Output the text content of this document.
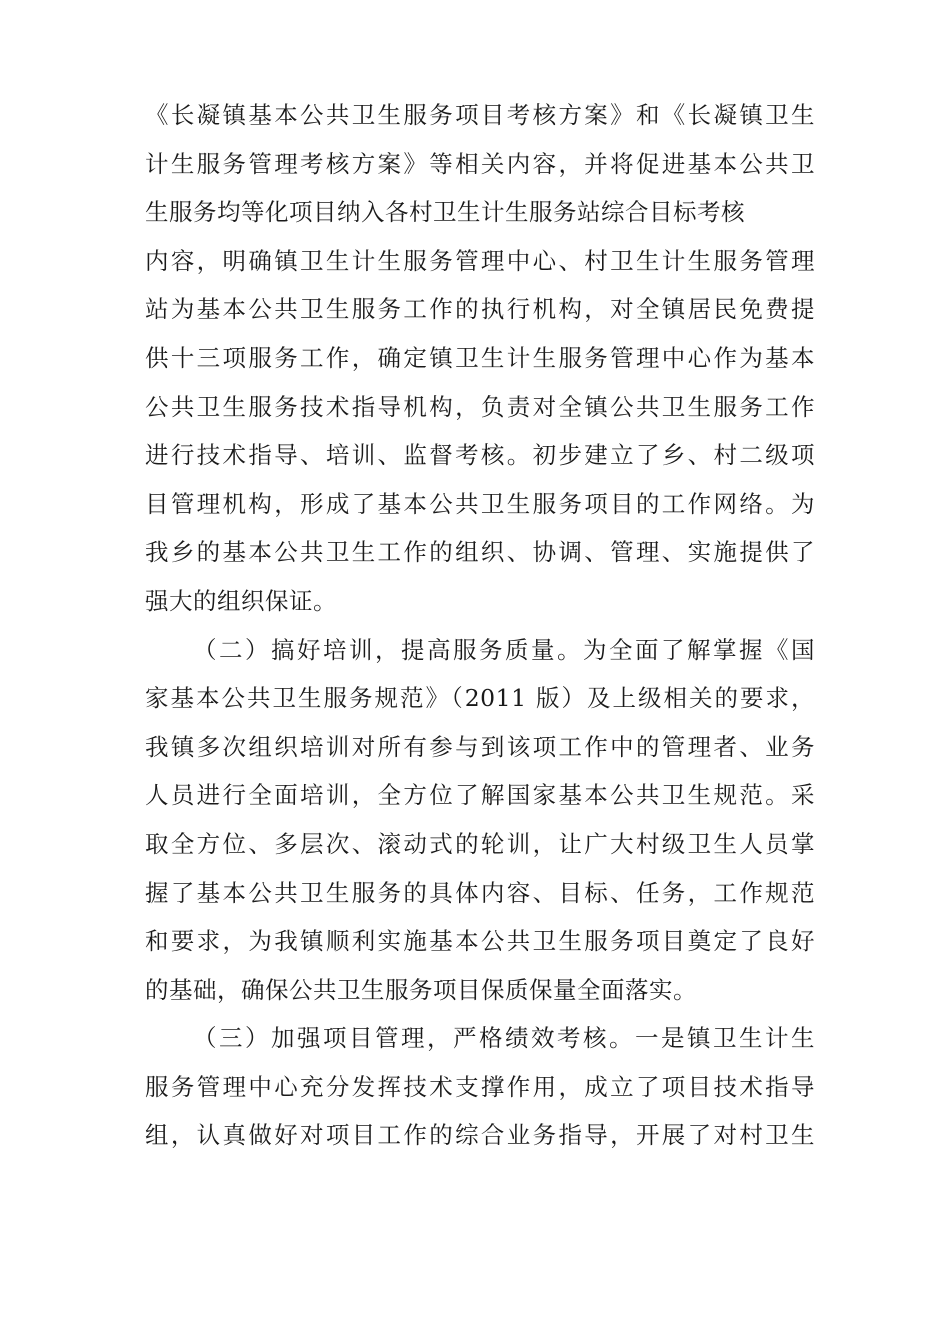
《长凝镇基本公共卫生服务项目考核方案》和《长凝镇卫生
计生服务管理考核方案》等相关内容，并将促进基本公共卫
生服务均等化项目纳入各村卫生计生服务站综合目标考核
内容，明确镇卫生计生服务管理中心、村卫生计生服务管理
站为基本公共卫生服务工作的执行机构，对全镇居民免费提
供十三项服务工作，确定镇卫生计生服务管理中心作为基本
公共卫生服务技术指导机构，负责对全镇公共卫生服务工作
进行技术指导、培训、监督考核。初步建立了乡、村二级项
目管理机构，形成了基本公共卫生服务项目的工作网络。为
我乡的基本公共卫生工作的组织、协调、管理、实施提供了
强大的组织保证。
（二）搞好培训，提高服务质量。为全面了解掌握《国
家基本公共卫生服务规范》（2011 版）及上级相关的要求，
我镇多次组织培训对所有参与到该项工作中的管理者、业务
人员进行全面培训，全方位了解国家基本公共卫生规范。采
取全方位、多层次、滚动式的轮训，让广大村级卫生人员掌
握了基本公共卫生服务的具体内容、目标、任务，工作规范
和要求，为我镇顺利实施基本公共卫生服务项目奠定了良好
的基础，确保公共卫生服务项目保质保量全面落实。
（三）加强项目管理，严格绩效考核。一是镇卫生计生
服务管理中心充分发挥技术支撑作用，成立了项目技术指导
组，认真做好对项目工作的综合业务指导，开展了对村卫生
